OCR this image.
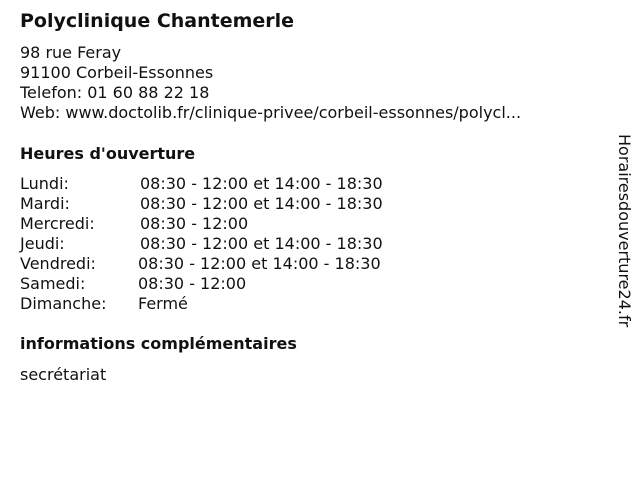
Polyclinique Chantemerle
98 rue Feray
91100 Corbeil-Essonnes
Telefon: 01 60 88 22 18
Web: www.doctolib.fr/clinique-privee/corbeil-essonnes/polycl...
Heures d'ouverture
Lundi:	08:30 - 12:00 et 14:00 - 18:30
Mardi:	08:30 - 12:00 et 14:00 - 18:30
Mercredi:	08:30 - 12:00
Jeudi:	08:30 - 12:00 et 14:00 - 18:30
Vendredi:	08:30 - 12:00 et 14:00 - 18:30
Samedi:	08:30 - 12:00
Dimanche: Fermé
informations complémentaires
secrétariat
Horairesdouverture24.fr
